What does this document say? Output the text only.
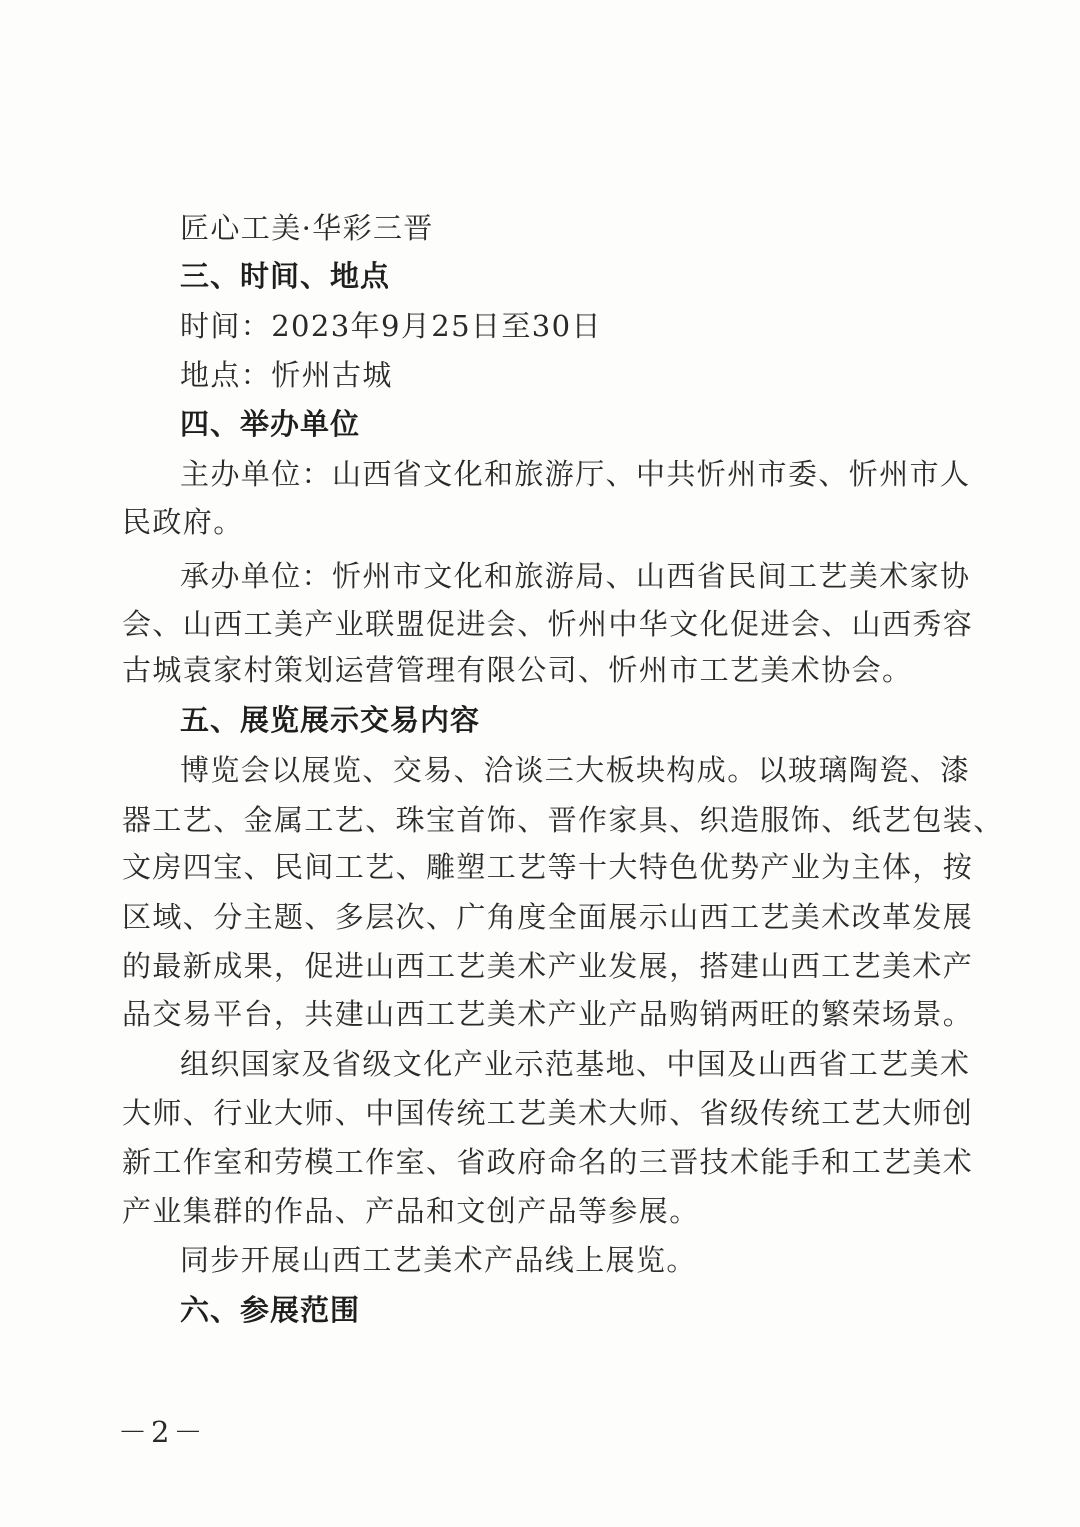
匠心工美·华彩三晋
三、时间、地点
时间：2023年9月25日至30日
地点：忻州古城
四、举办单位
主办单位：山西省文化和旅游厅、中共忻州市委、忻州市人
民政府。
承办单位：忻州市文化和旅游局、山西省民间工艺美术家协
会、山西工美产业联盟促进会、忻州中华文化促进会、山西秀容
古城袁家村策划运营管理有限公司、忻州市工艺美术协会。
五、展览展示交易内容
博览会以展览、交易、洽谈三大板块构成。以玻璃陶瓷、漆
器工艺、金属工艺、珠宝首饰、晋作家具、织造服饰、纸艺包装、
文房四宝、民间工艺、雕塑工艺等十大特色优势产业为主体，按
区域、分主题、多层次、广角度全面展示山西工艺美术改革发展
的最新成果，促进山西工艺美术产业发展，搭建山西工艺美术产
品交易平台，共建山西工艺美术产业产品购销两旺的繁荣场景。
组织国家及省级文化产业示范基地、中国及山西省工艺美术
大师、行业大师、中国传统工艺美术大师、省级传统工艺大师创
新工作室和劳模工作室、省政府命名的三晋技术能手和工艺美术
产业集群的作品、产品和文创产品等参展。
同步开展山西工艺美术产品线上展览。
六、参展范围
－2－
